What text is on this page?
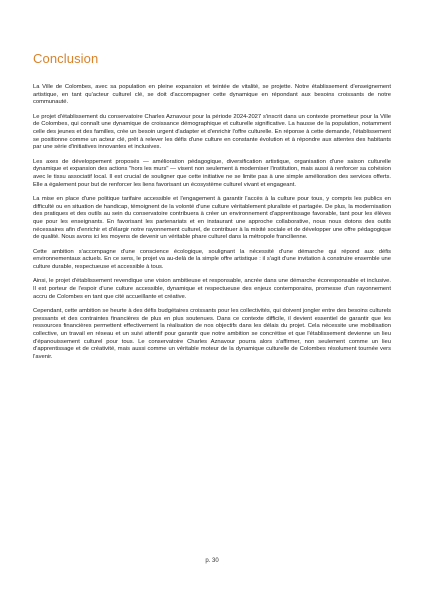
Conclusion

La Ville de Colombes, avec sa population en pleine expansion et teintée de vitalité, se projette. Notre établissement d'enseignement artistique, en tant qu'acteur culturel clé, se doit d'accompagner cette dynamique en répondant aux besoins croissants de notre communauté.

Le projet d'établissement du conservatoire Charles Aznavour pour la période 2024-2027 s'inscrit dans un contexte prometteur pour la Ville de Colombes, qui connaît une dynamique de croissance démographique et culturelle significative. La hausse de la population, notamment celle des jeunes et des familles, crée un besoin urgent d'adapter et d'enrichir l'offre culturelle. En réponse à cette demande, l'établissement se positionne comme un acteur clé, prêt à relever les défis d'une culture en constante évolution et à répondre aux attentes des habitants par une série d'initiatives innovantes et inclusives.

Les axes de développement proposés — amélioration pédagogique, diversification artistique, organisation d'une saison culturelle dynamique et expansion des actions "hors les murs" — visent non seulement à moderniser l'institution, mais aussi à renforcer sa cohésion avec le tissu associatif local. Il est crucial de souligner que cette initiative ne se limite pas à une simple amélioration des services offerts. Elle a également pour but de renforcer les liens favorisant un écosystème culturel vivant et engageant.

La mise en place d'une politique tarifaire accessible et l'engagement à garantir l'accès à la culture pour tous, y compris les publics en difficulté ou en situation de handicap, témoignent de la volonté d'une culture véritablement pluraliste et partagée. De plus, la modernisation des pratiques et des outils au sein du conservatoire contribuera à créer un environnement d'apprentissage favorable, tant pour les élèves que pour les enseignants. En favorisant les partenariats et en instaurant une approche collaborative, nous nous dotons des outils nécessaires afin d'enrichir et d'élargir notre rayonnement culturel, de contribuer à la mixité sociale et de développer une offre pédagogique de qualité. Nous avons ici les moyens de devenir un véritable phare culturel dans la métropole francilienne.

Cette ambition s'accompagne d'une conscience écologique, soulignant la nécessité d'une démarche qui répond aux défis environnementaux actuels. En ce sens, le projet va au-delà de la simple offre artistique : il s'agit d'une invitation à construire ensemble une culture durable, respectueuse et accessible à tous.

Ainsi, le projet d'établissement revendique une vision ambitieuse et responsable, ancrée dans une démarche écoresponsable et inclusive. Il est porteur de l'espoir d'une culture accessible, dynamique et respectueuse des enjeux contemporains, promesse d'un rayonnement accru de Colombes en tant que cité accueillante et créative.

Cependant, cette ambition se heurte à des défis budgétaires croissants pour les collectivités, qui doivent jongler entre des besoins culturels pressants et des contraintes financières de plus en plus soutenues. Dans ce contexte difficile, il devient essentiel de garantir que les ressources financières permettent effectivement la réalisation de nos objectifs dans les délais du projet. Cela nécessite une mobilisation collective, un travail en réseau et un suivi attentif pour garantir que notre ambition se concrétise et que l'établissement devienne un lieu d'épanouissement culturel pour tous. Le conservatoire Charles Aznavour pourra alors s'affirmer, non seulement comme un lieu d'apprentissage et de créativité, mais aussi comme un véritable moteur de la dynamique culturelle de Colombes résolument tournée vers l'avenir.

p. 30
